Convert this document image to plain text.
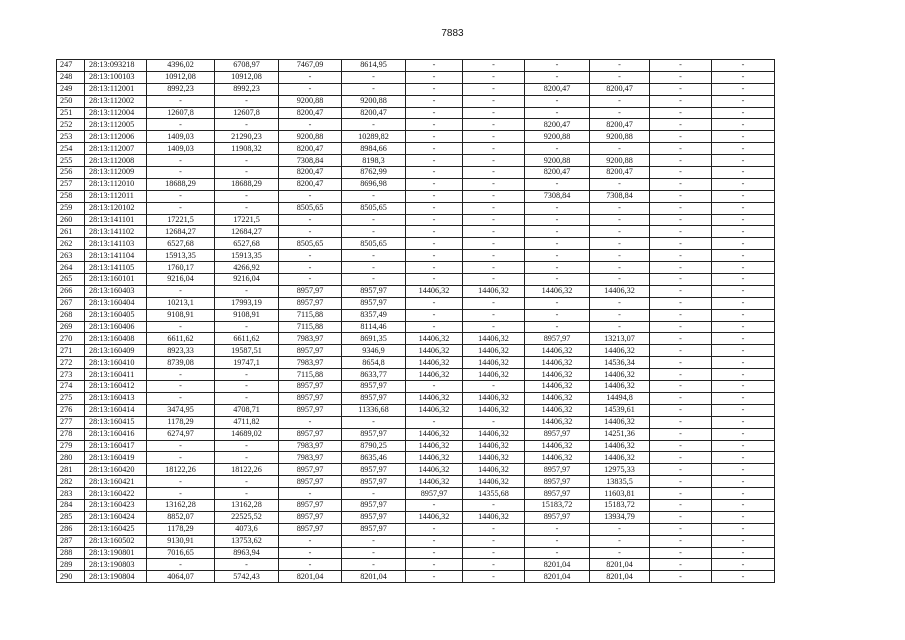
7883
247	28:13:093218	4396,02	6708,97	7467,09	8614,95	-	-	-	-	-	-
248	28:13:100103	10912,08	10912,08	-	-	-	-	-	-	-	-
249	28:13:112001	8992,23	8992,23	-	-	-	-	8200,47	8200,47	-	-
250	28:13:112002	-	-	9200,88	9200,88	-	-	-	-	-	-
251	28:13:112004	12607,8	12607,8	8200,47	8200,47	-	-	-	-	-	-
252	28:13:112005	-	-	-	-	-	-	8200,47	8200,47	-	-
253	28:13:112006	1409,03	21290,23	9200,88	10289,82	-	-	9200,88	9200,88	-	-
254	28:13:112007	1409,03	11908,32	8200,47	8984,66	-	-	-	-	-	-
255	28:13:112008	-	-	7308,84	8198,3	-	-	9200,88	9200,88	-	-
256	28:13:112009	-	-	8200,47	8762,99	-	-	8200,47	8200,47	-	-
257	28:13:112010	18688,29	18688,29	8200,47	8696,98	-	-	-	-	-	-
258	28:13:112011	-	-	-	-	-	-	7308,84	7308,84	-	-
259	28:13:120102	-	-	8505,65	8505,65	-	-	-	-	-	-
260	28:13:141101	17221,5	17221,5	-	-	-	-	-	-	-	-
261	28:13:141102	12684,27	12684,27	-	-	-	-	-	-	-	-
262	28:13:141103	6527,68	6527,68	8505,65	8505,65	-	-	-	-	-	-
263	28:13:141104	15913,35	15913,35	-	-	-	-	-	-	-	-
264	28:13:141105	1760,17	4266,92	-	-	-	-	-	-	-	-
265	28:13:160101	9216,04	9216,04	-	-	-	-	-	-	-	-
266	28:13:160403	-	-	8957,97	8957,97	14406,32	14406,32	14406,32	14406,32	-	-
267	28:13:160404	10213,1	17993,19	8957,97	8957,97	-	-	-	-	-	-
268	28:13:160405	9108,91	9108,91	7115,88	8357,49	-	-	-	-	-	-
269	28:13:160406	-	-	7115,88	8114,46	-	-	-	-	-	-
270	28:13:160408	6611,62	6611,62	7983,97	8691,35	14406,32	14406,32	8957,97	13213,07	-	-
271	28:13:160409	8923,33	19587,51	8957,97	9346,9	14406,32	14406,32	14406,32	14406,32	-	-
272	28:13:160410	8739,08	19747,1	7983,97	8654,8	14406,32	14406,32	14406,32	14536,34	-	-
273	28:13:160411	-	-	7115,88	8633,77	14406,32	14406,32	14406,32	14406,32	-	-
274	28:13:160412	-	-	8957,97	8957,97	-	-	14406,32	14406,32	-	-
275	28:13:160413	-	-	8957,97	8957,97	14406,32	14406,32	14406,32	14494,8	-	-
276	28:13:160414	3474,95	4708,71	8957,97	11336,68	14406,32	14406,32	14406,32	14539,61	-	-
277	28:13:160415	1178,29	4711,82	-	-	-	-	14406,32	14406,32	-	-
278	28:13:160416	6274,97	14689,02	8957,97	8957,97	14406,32	14406,32	8957,97	14251,36	-	-
279	28:13:160417	-	-	7983,97	8790,25	14406,32	14406,32	14406,32	14406,32	-	-
280	28:13:160419	-	-	7983,97	8635,46	14406,32	14406,32	14406,32	14406,32	-	-
281	28:13:160420	18122,26	18122,26	8957,97	8957,97	14406,32	14406,32	8957,97	12975,33	-	-
282	28:13:160421	-	-	8957,97	8957,97	14406,32	14406,32	8957,97	13835,5	-	-
283	28:13:160422	-	-	-	-	8957,97	14355,68	8957,97	11603,81	-	-
284	28:13:160423	13162,28	13162,28	8957,97	8957,97	-	-	15183,72	15183,72	-	-
285	28:13:160424	8852,07	22525,52	8957,97	8957,97	14406,32	14406,32	8957,97	13934,79	-	-
286	28:13:160425	1178,29	4073,6	8957,97	8957,97	-	-	-	-	-	-
287	28:13:160502	9130,91	13753,62	-	-	-	-	-	-	-	-
288	28:13:190801	7016,65	8963,94	-	-	-	-	-	-	-	-
289	28:13:190803	-	-	-	-	-	-	8201,04	8201,04	-	-
290	28:13:190804	4064,07	5742,43	8201,04	8201,04	-	-	8201,04	8201,04	-	-
